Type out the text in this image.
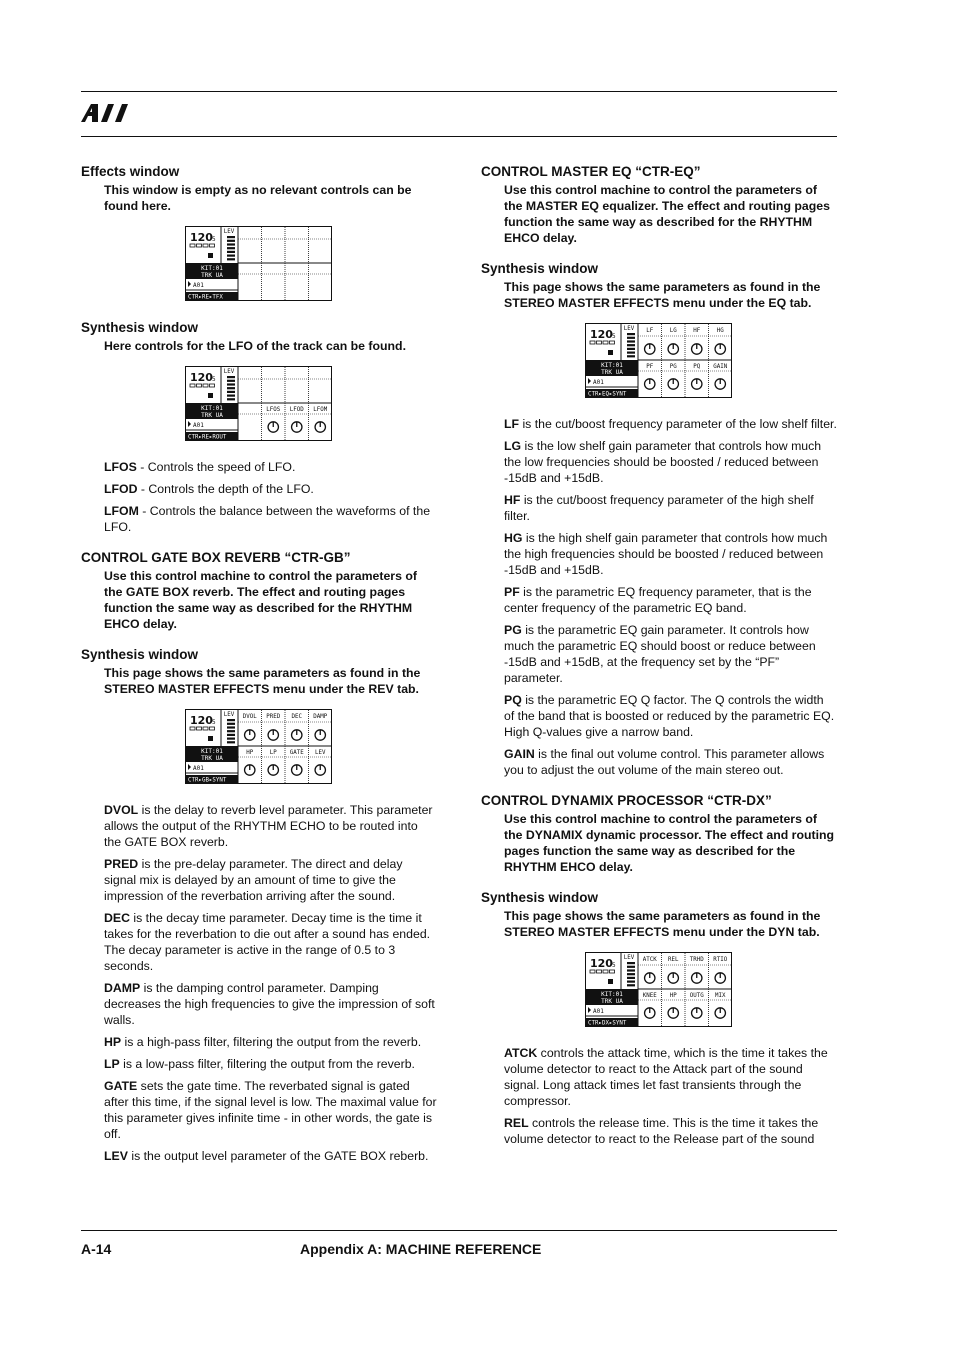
Effects window

This window is empty as no relevant controls can be found here.

120 5
KIT:01
TRK UA
A01
CTR▸RE▸TFX
LEV
Synthesis window

Here controls for the LFO of the track can be found.

120 5
KIT:01
TRK UA
A01
CTR▸RE▸ROUT
LEV
LFOS LFOD LFOM

LFOS - Controls the speed of LFO.

LFOD - Controls the depth of the LFO.

LFOM - Controls the balance between the waveforms of the LFO.

CONTROL GATE BOX REVERB “CTR-GB”

Use this control machine to control the parameters of the GATE BOX reverb. The effect and routing pages function the same way as described for the RHYTHM EHCO delay.

Synthesis window

This page shows the same parameters as found in the STEREO MASTER EFFECTS menu under the REV tab.

120 5
KIT:01
TRK UA
A01
CTR▸GB▸SYNT
LEV DVOL PRED DEC DAMP
HP	LP GATE LEV

DVOL is the delay to reverb level parameter. This parameter allows the output of the RHYTHM ECHO to be routed into the GATE BOX reverb.

PRED is the pre-delay parameter. The direct and delay signal mix is delayed by an amount of time to give the impression of the reverbation arriving after the sound.

DEC is the decay time parameter. Decay time is the time it takes for the reverbation to die out after a sound has ended. The decay parameter is active in the range of 0.5 to 3 seconds.

DAMP is the damping control parameter. Damping decreases the high frequencies to give the impression of soft walls.

HP is a high-pass filter, filtering the output from the reverb.

LP is a low-pass filter, filtering the output from the reverb.

GATE sets the gate time. The reverbated signal is gated after this time, if the signal level is low. The maximal value for this parameter gives infinite time - in other words, the gate is off.

LEV is the output level parameter of the GATE BOX reberb.

CONTROL MASTER EQ “CTR-EQ”

Use this control machine to control the parameters of the MASTER EQ equalizer. The effect and routing pages function the same way as described for the RHYTHM EHCO delay.

Synthesis window

This page shows the same parameters as found in the STEREO MASTER EFFECTS menu under the EQ tab.

120 5
KIT:01
TRK UA
A01
CTR▸EQ▸SYNT
LEV LF	LG	HF	HG
PF	PG	PQ GAIN

LF is the cut/boost frequency parameter of the low shelf filter.

LG is the low shelf gain parameter that controls how much the low frequencies should be boosted / reduced between -15dB and +15dB.

HF is the cut/boost frequency parameter of the high shelf filter.

HG is the high shelf gain parameter that controls how much the high frequencies should be boosted / reduced between -15dB and +15dB.

PF is the parametric EQ frequency parameter, that is the center frequency of the parametric EQ band.

PG is the parametric EQ gain parameter. It controls how much the parametric EQ should boost or reduce between -15dB and +15dB, at the frequency set by the “PF” parameter.

PQ is the parametric EQ Q factor. The Q controls the width of the band that is boosted or reduced by the parametric EQ. High Q-values give a narrow band.

GAIN is the final out volume control. This parameter allows you to adjust the out volume of the main stereo out.

CONTROL DYNAMIX PROCESSOR “CTR-DX”

Use this control machine to control the parameters of the DYNAMIX dynamic processor. The effect and routing pages function the same way as described for the RHYTHM EHCO delay.

Synthesis window

This page shows the same parameters as found in the STEREO MASTER EFFECTS menu under the DYN tab.

120 5
KIT:01
TRK UA
A01
CTR▸DX▸SYNT
LEV ATCK REL TRHD RTIO
KNEE HP OUTG MIX

ATCK controls the attack time, which is the time it takes the volume detector to react to the Attack part of the sound signal. Long attack times let fast transients through the compressor.

REL controls the release time. This is the time it takes the volume detector to react to the Release part of the sound

A-14	Appendix A: MACHINE REFERENCE
